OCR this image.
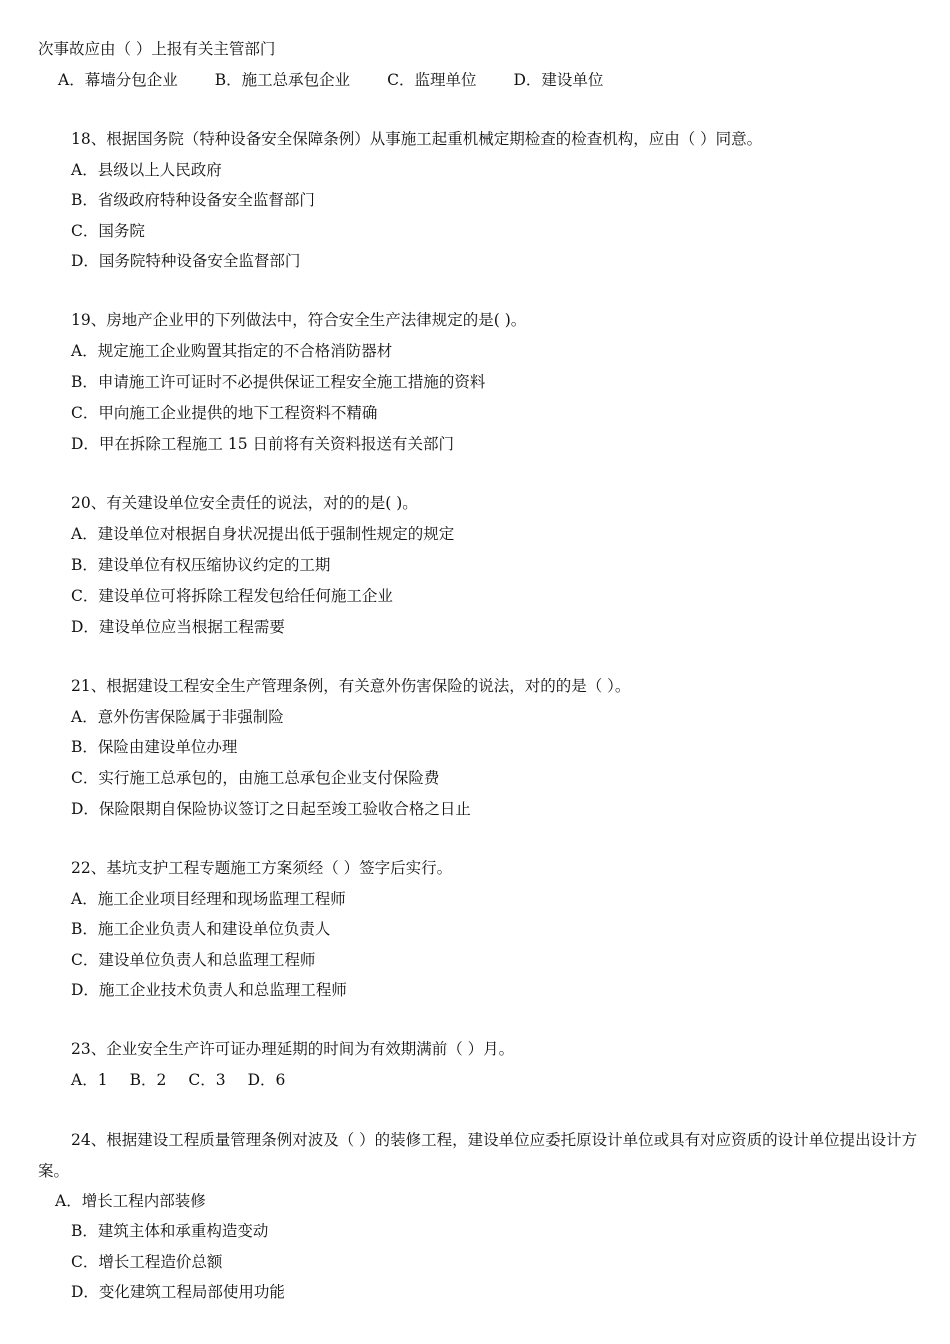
次事故应由（ ）上报有关主管部门
A．幕墙分包企业 B．施工总承包企业 C．监理单位 D．建设单位
18、根据国务院（特种设备安全保障条例）从事施工起重机械定期检查的检查机构，应由（ ）同意。
A．县级以上人民政府
B．省级政府特种设备安全监督部门
C．国务院
D．国务院特种设备安全监督部门
19、房地产企业甲的下列做法中，符合安全生产法律规定的是( )。
A．规定施工企业购置其指定的不合格消防器材
B．申请施工许可证时不必提供保证工程安全施工措施的资料
C．甲向施工企业提供的地下工程资料不精确
D．甲在拆除工程施工 15 日前将有关资料报送有关部门
20、有关建设单位安全责任的说法，对的的是( )。
A．建设单位对根据自身状况提出低于强制性规定的规定
B．建设单位有权压缩协议约定的工期
C．建设单位可将拆除工程发包给任何施工企业
D．建设单位应当根据工程需要
21、根据建设工程安全生产管理条例，有关意外伤害保险的说法，对的的是（ ）。
A．意外伤害保险属于非强制险
B．保险由建设单位办理
C．实行施工总承包的，由施工总承包企业支付保险费
D．保险限期自保险协议签订之日起至竣工验收合格之日止
22、基坑支护工程专题施工方案须经（ ）签字后实行。
A．施工企业项目经理和现场监理工程师
B．施工企业负责人和建设单位负责人
C．建设单位负责人和总监理工程师
D．施工企业技术负责人和总监理工程师
23、企业安全生产许可证办理延期的时间为有效期满前（ ）月。
A．1 B．2 C．3 D．6
24、根据建设工程质量管理条例对波及（ ）的装修工程，建设单位应委托原设计单位或具有对应资质的设计单位提出设计方案。
A．增长工程内部装修
B．建筑主体和承重构造变动
C．增长工程造价总额
D．变化建筑工程局部使用功能
